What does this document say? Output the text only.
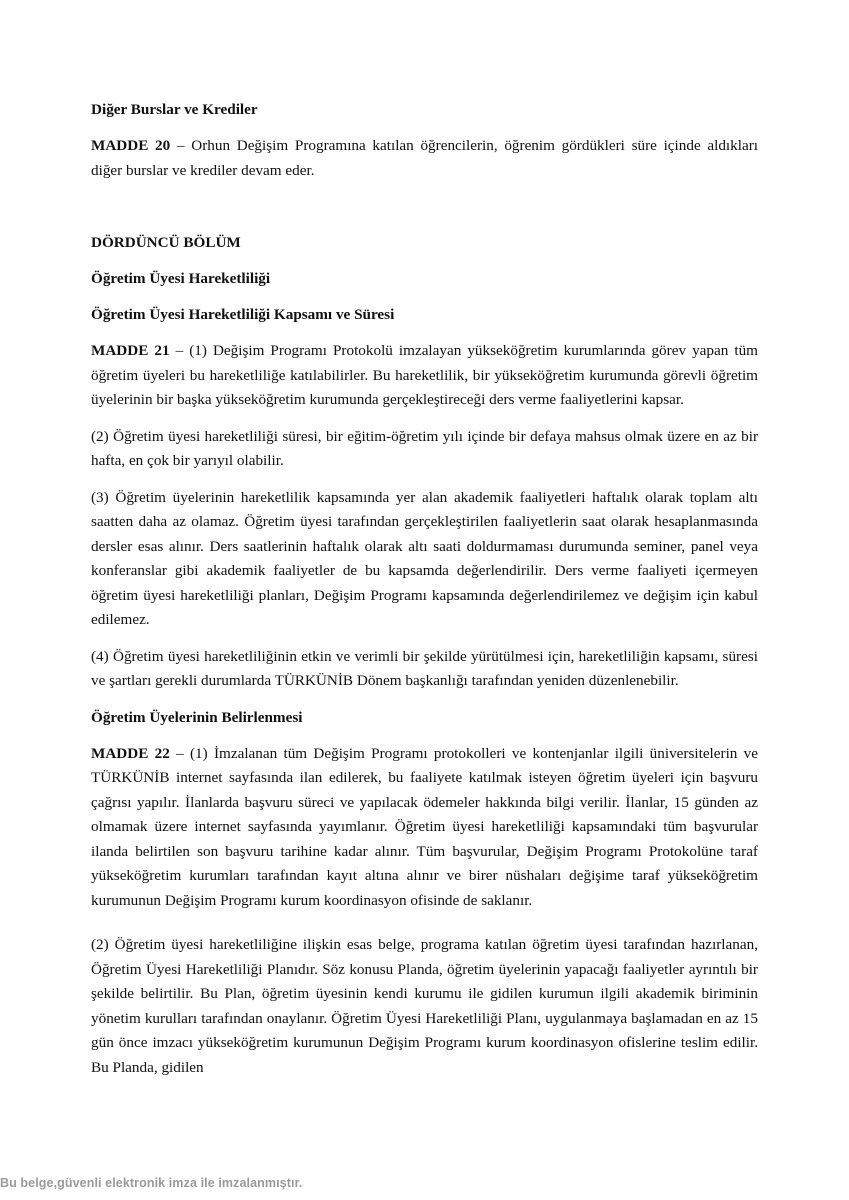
Diğer Burslar ve Krediler

MADDE 20 – Orhun Değişim Programına katılan öğrencilerin, öğrenim gördükleri süre içinde aldıkları diğer burslar ve krediler devam eder.

DÖRDÜNCÜ BÖLÜM
Öğretim Üyesi Hareketliliği
Öğretim Üyesi Hareketliliği Kapsamı ve Süresi

MADDE 21 – (1) Değişim Programı Protokolü imzalayan yükseköğretim kurumlarında görev yapan tüm öğretim üyeleri bu hareketliliğe katılabilirler. Bu hareketlilik, bir yükseköğretim kurumunda görevli öğretim üyelerinin bir başka yükseköğretim kurumunda gerçekleştireceği ders verme faaliyetlerini kapsar.

(2) Öğretim üyesi hareketliliği süresi, bir eğitim-öğretim yılı içinde bir defaya mahsus olmak üzere en az bir hafta, en çok bir yarıyıl olabilir.

(3) Öğretim üyelerinin hareketlilik kapsamında yer alan akademik faaliyetleri haftalık olarak toplam altı saatten daha az olamaz. Öğretim üyesi tarafından gerçekleştirilen faaliyetlerin saat olarak hesaplanmasında dersler esas alınır. Ders saatlerinin haftalık olarak altı saati doldurmaması durumunda seminer, panel veya konferanslar gibi akademik faaliyetler de bu kapsamda değerlendirilir. Ders verme faaliyeti içermeyen öğretim üyesi hareketliliği planları, Değişim Programı kapsamında değerlendirilemez ve değişim için kabul edilemez.

(4) Öğretim üyesi hareketliliğinin etkin ve verimli bir şekilde yürütülmesi için, hareketliliğin kapsamı, süresi ve şartları gerekli durumlarda TÜRKÜNİB Dönem başkanlığı tarafından yeniden düzenlenebilir.

Öğretim Üyelerinin Belirlenmesi

MADDE 22 – (1) İmzalanan tüm Değişim Programı protokolleri ve kontenjanlar ilgili üniversitelerin ve TÜRKÜNİB internet sayfasında ilan edilerek, bu faaliyete katılmak isteyen öğretim üyeleri için başvuru çağrısı yapılır. İlanlarda başvuru süreci ve yapılacak ödemeler hakkında bilgi verilir. İlanlar, 15 günden az olmamak üzere internet sayfasında yayımlanır. Öğretim üyesi hareketliliği kapsamındaki tüm başvurular ilanda belirtilen son başvuru tarihine kadar alınır. Tüm başvurular, Değişim Programı Protokolüne taraf yükseköğretim kurumları tarafından kayıt altına alınır ve birer nüshaları değişime taraf yükseköğretim kurumunun Değişim Programı kurum koordinasyon ofisinde de saklanır.

(2) Öğretim üyesi hareketliliğine ilişkin esas belge, programa katılan öğretim üyesi tarafından hazırlanan, Öğretim Üyesi Hareketliliği Planıdır. Söz konusu Planda, öğretim üyelerinin yapacağı faaliyetler ayrıntılı bir şekilde belirtilir. Bu Plan, öğretim üyesinin kendi kurumu ile gidilen kurumun ilgili akademik biriminin yönetim kurulları tarafından onaylanır. Öğretim Üyesi Hareketliliği Planı, uygulanmaya başlamadan en az 15 gün önce imzacı yükseköğretim kurumunun Değişim Programı kurum koordinasyon ofislerine teslim edilir. Bu Planda, gidilen

Bu belge,güvenli elektronik imza ile imzalanmıştır.
